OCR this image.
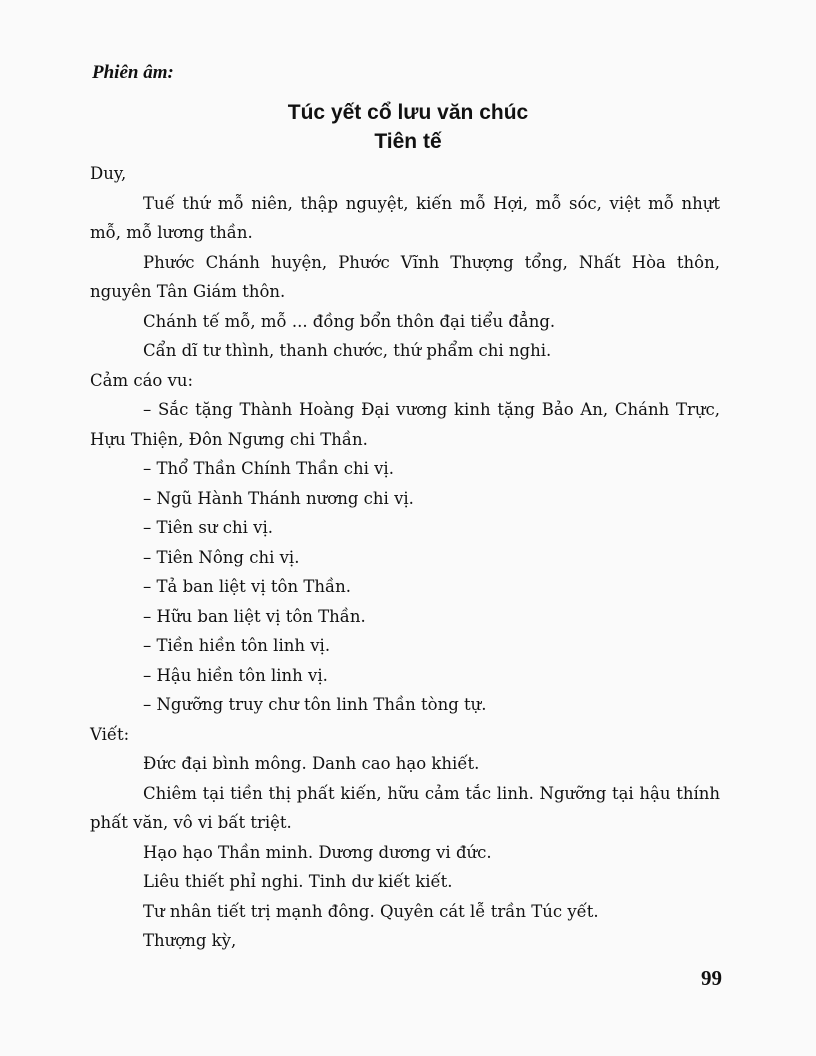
Phiên âm:
Túc yết cổ lưu văn chúc
Tiên tế

Duy,

Tuế thứ mỗ niên, thập nguyệt, kiến mỗ Hợi, mỗ sóc, việt mỗ nhựt mỗ, mỗ lương thần.

Phước Chánh huyện, Phước Vĩnh Thượng tổng, Nhất Hòa thôn, nguyên Tân Giám thôn.

Chánh tế mỗ, mỗ ... đồng bổn thôn đại tiểu đẳng.

Cẩn dĩ tư thình, thanh chước, thứ phẩm chi nghi.

Cảm cáo vu:

– Sắc tặng Thành Hoàng Đại vương kinh tặng Bảo An, Chánh Trực, Hựu Thiện, Đôn Ngưng chi Thần.

– Thổ Thần Chính Thần chi vị.

– Ngũ Hành Thánh nương chi vị.

– Tiên sư chi vị.

– Tiên Nông chi vị.

– Tả ban liệt vị tôn Thần.

– Hữu ban liệt vị tôn Thần.

– Tiền hiền tôn linh vị.

– Hậu hiền tôn linh vị.

– Ngưỡng truy chư tôn linh Thần tòng tự.

Viết:

Đức đại bình mông. Danh cao hạo khiết.

Chiêm tại tiền thị phất kiến, hữu cảm tắc linh. Ngưỡng tại hậu thính phất văn, vô vi bất triệt.

Hạo hạo Thần minh. Dương dương vi đức.

Liêu thiết phỉ nghi. Tinh dư kiết kiết.

Tư nhân tiết trị mạnh đông. Quyên cát lễ trần Túc yết.

Thượng kỳ,

99
